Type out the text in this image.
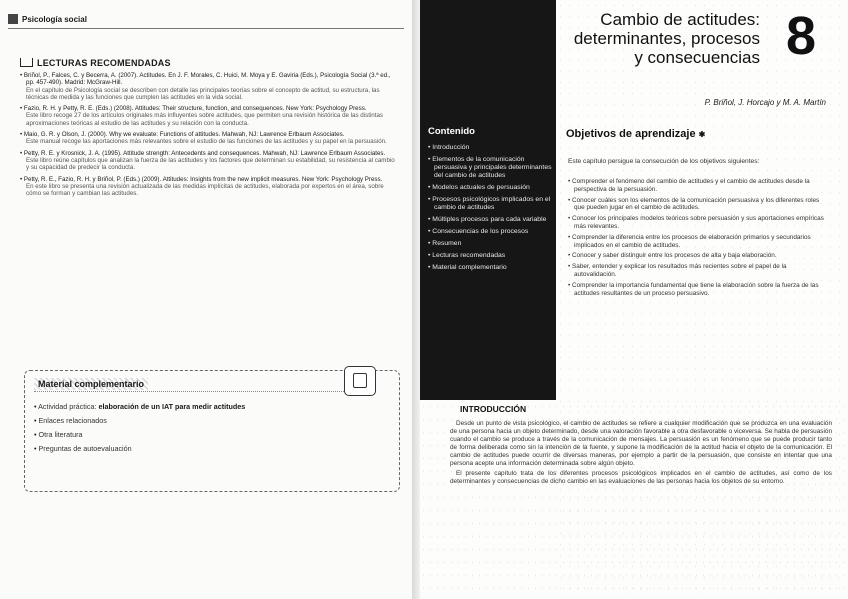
Psicología social
LECTURAS RECOMENDADAS
• Briñol, P., Falces, C. y Becerra, A. (2007). Actitudes. En J. F. Morales, C. Huici, M. Moya y E. Gaviria (Eds.), Psicología Social (3.ª ed., pp. 457-490). Madrid: McGraw-Hill.
En el capítulo de Psicología social se describen con detalle las principales teorías sobre el concepto de actitud, su estructura, las técnicas de medida y las funciones que cumplen las actitudes en la vida social.
• Fazio, R. H. y Petty, R. E. (Eds.) (2008). Attitudes: Their structure, function, and consequences. New York: Psychology Press.
Este libro recoge 27 de los artículos originales más influyentes sobre actitudes, que permiten una revisión histórica de las distintas aproximaciones teóricas al estudio de las actitudes y su relación con la conducta.
• Maio, G. R. y Olson, J. (2000). Why we evaluate: Functions of attitudes. Mahwah, NJ: Lawrence Erlbaum Associates.
Este manual recoge las aportaciones más relevantes sobre el estudio de las funciones de las actitudes y su papel en la persuasión.
• Petty, R. E. y Krosnick, J. A. (1995). Attitude strength: Antecedents and consequences. Mahwah, NJ: Lawrence Erlbaum Associates.
Este libro reúne capítulos que analizan la fuerza de las actitudes y los factores que determinan su estabilidad, su resistencia al cambio y su capacidad de predecir la conducta.
• Petty, R. E., Fazio, R. H. y Briñol, P. (Eds.) (2009). Attitudes: Insights from the new implicit measures. New York: Psychology Press.
En este libro se presenta una revisión actualizada de las medidas implícitas de actitudes, elaborada por expertos en el área, sobre cómo se forman y cambian las actitudes.
Material complementario
• Actividad práctica: elaboración de un IAT para medir actitudes
• Enlaces relacionados
• Otra literatura
• Preguntas de autoevaluación
Cambio de actitudes:
determinantes, procesos
y consecuencias 8
P. Briñol, J. Horcajo y M. A. Martín
Contenido
• Introducción
• Elementos de la comunicación persuasiva y principales determinantes del cambio de actitudes
• Modelos actuales de persuasión
• Procesos psicológicos implicados en el cambio de actitudes
• Múltiples procesos para cada variable
• Consecuencias de los procesos
• Resumen
• Lecturas recomendadas
• Material complementario
Objetivos de aprendizaje ✱
Este capítulo persigue la consecución de los objetivos siguientes:
• Comprender el fenómeno del cambio de actitudes y el cambio de actitudes desde la perspectiva de la persuasión.
• Conocer cuáles son los elementos de la comunicación persuasiva y los diferentes roles que pueden jugar en el cambio de actitudes.
• Conocer los principales modelos teóricos sobre persuasión y sus aportaciones empíricas más relevantes.
• Comprender la diferencia entre los procesos de elaboración primarios y secundarios implicados en el cambio de actitudes.
• Conocer y saber distinguir entre los procesos de alta y baja elaboración.
• Saber, entender y explicar los resultados más recientes sobre el papel de la autovalidación.
• Comprender la importancia fundamental que tiene la elaboración sobre la fuerza de las actitudes resultantes de un proceso persuasivo.
INTRODUCCIÓN

Desde un punto de vista psicológico, el cambio de actitudes se refiere a cualquier modificación que se produzca en una evaluación de una persona hacia un objeto determinado, desde una valoración favorable a otra desfavorable o viceversa. Se habla de persuasión cuando el cambio se produce a través de la comunicación de mensajes. La persuasión es un fenómeno que se puede producir tanto de forma deliberada como sin la intención de la fuente, y supone la modificación de la actitud hacia el objeto de la comunicación. El cambio de actitudes puede ocurrir de diversas maneras, por ejemplo a partir de la persuasión, que consiste en intentar que una persona acepte una información determinada sobre algún objeto.

El presente capítulo trata de los diferentes procesos psicológicos implicados en el cambio de actitudes, así como de los determinantes y consecuencias de dicho cambio en las evaluaciones de las personas hacia los objetos de su entorno.
